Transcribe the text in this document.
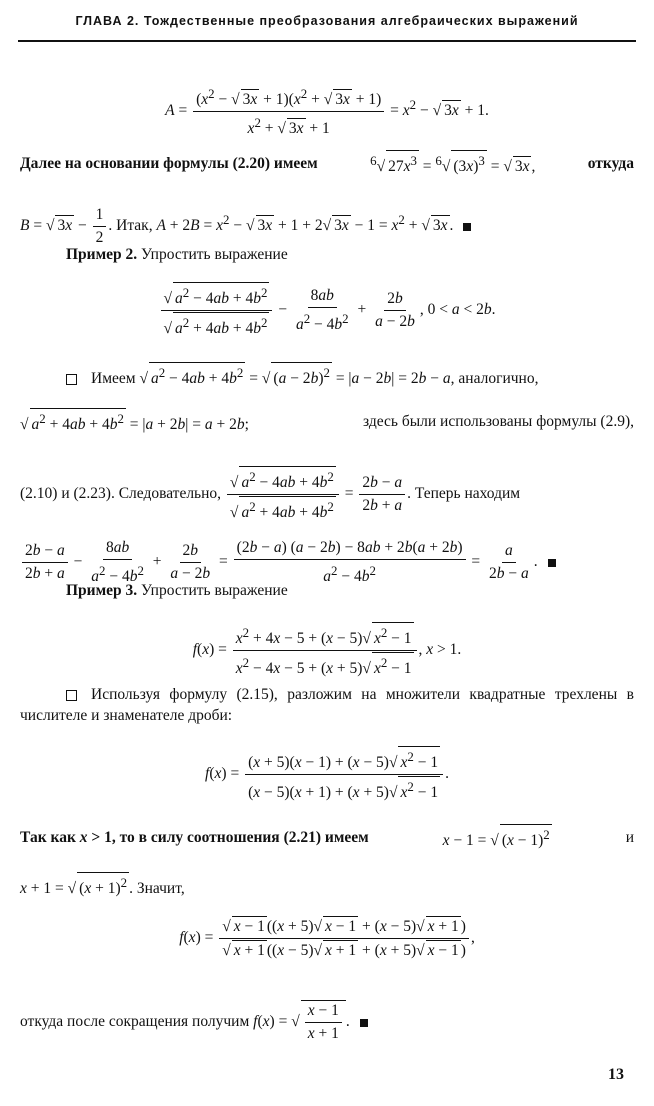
ГЛАВА 2. Тождественные преобразования алгебраических выражений
$A = \frac{(x^2 - √ 3x + 1)(x^2 + √ 3x + 1)}{x^2 + √ 3x + 1} = x^2$ − √ 3x + 1.
Далее на основании формулы (2.20) имеем	$^6$√ $27x^3 = ^6√$ $(3x)^3$ = √ 3x ,	откуда
B = √ $3x - \frac{1}{2}$ . Итак, $A + 2B = x^2$ − √ 3x + 1 + 2√ $3x - 1 = x^2$ + √ 3x .
Пример 2. Упростить выражение
$\frac{√ a^2 - 4ab + 4b^2}{√ a^2 + 4ab + 4b^2} - \frac{8ab}{a^2 - 4b^2} + \frac{2b}{a - 2b}$ , 0 < a < 2b.
Имеем √ $a^2 - 4ab + 4b^2$ = √ $(a - 2b)^2 = |a - 2b| = 2b - a$, аналогично,
√ $a^2 + 4ab + 4b^2 = |a + 2b| = a + 2b$;	здесь были использованы формулы (2.9),
(2.10) и (2.23). Следовательно, $\frac{√ a^2 - 4ab + 4b^2}{√ a^2 + 4ab + 4b^2} = \frac{2b - a}{2b + a}$ . Теперь находим
$\frac{2b - a}{2b + a} - \frac{8ab}{a^2 - 4b^2} + \frac{2b}{a - 2b} = \frac{(2b - a) (a - 2b) - 8ab + 2b(a + 2b)}{a^2 - 4b^2} = \frac{a}{2b - a}$ .
Пример 3. Упростить выражение
$f(x) = \frac{x^2 + 4x - 5 + (x - 5)√ x^2 - 1}{x^2 - 4x - 5 + (x + 5)√ x^2 - 1}$ , x > 1.
Используя формулу (2.15), разложим на множители квадратные трехлены в числителе и знаменателе дроби:
$f(x) = \frac{(x + 5)(x - 1) + (x - 5)√ x^2 - 1}{(x - 5)(x + 1) + (x + 5)√ x^2 - 1}$ .
Так как x > 1, то в силу соотношения (2.21) имеем	x − 1 = √ $(x - 1)^2$	и
x + 1 = √ $(x + 1)^2$ . Значит,
$f(x) = \frac{√ x - 1 ((x + 5)√ x - 1 + (x - 5)√ x + 1 )}{√ x + 1 ((x - 5)√ x + 1 + (x + 5)√ x - 1 )}$ ,
откуда после сокращения получим f(x) = √ $\frac{x - 1}{x + 1}$ .
13
